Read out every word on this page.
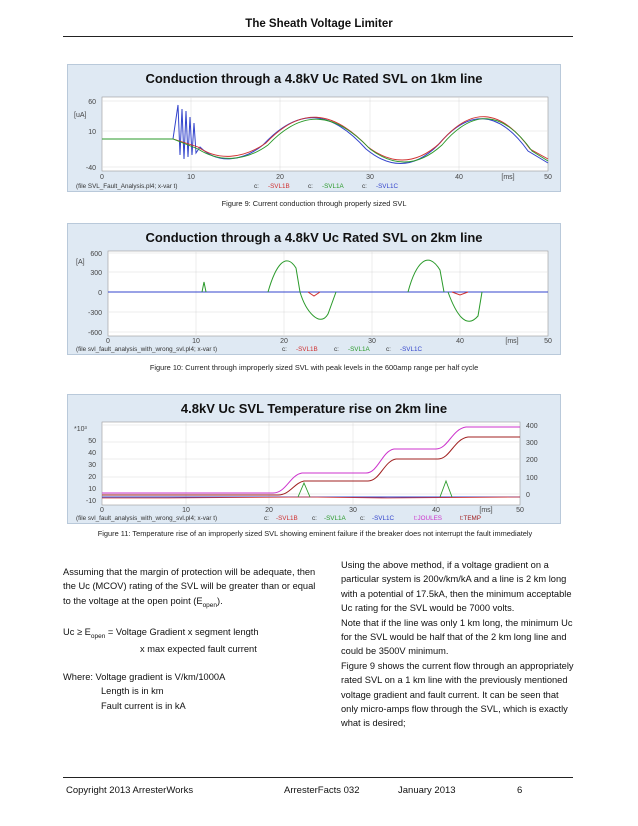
The Sheath Voltage Limiter
Conduction through a 4.8kV Uc Rated SVL on 1km line
60
10
-40
[uA]
0	10	20	30	40	50
[ms]
(file SVL_Fault_Analysis.pl4; x-var t)	c: -SVL1B	c: -SVL1A	c: -SVL1C
Figure 9: Current conduction through properly sized SVL
Conduction through a 4.8kV Uc Rated SVL on 2km line
600
300
0
-300
-600
[A]
0	10	20	30	40	50
[ms]
(file svl_fault_analysis_with_wrong_svl.pl4; x-var t)	c: -SVL1B	c: -SVL1A	c: -SVL1C
Figure 10: Current through improperly sized SVL with peak levels in the 600amp range per half cycle
4.8kV Uc SVL Temperature rise on 2km line
*10³
50
40
30
20
10
-10
400
300
200
100
0
0	10	20	30	40	50
[ms]
(file svl_fault_analysis_with_wrong_svl.pl4; x-var t)	c: -SVL1B c: -SVL1A c: -SVL1C	t:JOULES	t:TEMP
Figure 11: Temperature rise of an improperly sized SVL showing eminent failure if the breaker does not interrupt the fault immediately

Assuming that the margin of protection will be adequate, then the Uc (MCOV) rating of the SVL will be greater than or equal to the voltage at the open point $(E_{open})$.

$Uc \ge E_{open}$ = Voltage Gradient x segment length

x max expected fault current

Where: Voltage gradient is V/km/1000A

Length is in km

Fault current is in kA

Using the above method, if a voltage gradient on a particular system is 200v/km/kA and a line is 2 km long with a potential of 17.5kA, then the minimum acceptable Uc rating for the SVL would be 7000 volts.

Note that if the line was only 1 km long, the minimum Uc for the SVL would be half that of the 2 km long line and could be 3500V minimum.

Figure 9 shows the current flow through an appropriately rated SVL on a 1 km line with the previously mentioned voltage gradient and fault current. It can be seen that only micro-amps flow through the SVL, which is exactly what is desired;

Copyright 2013 ArresterWorks	ArresterFacts 032	January 2013	6
